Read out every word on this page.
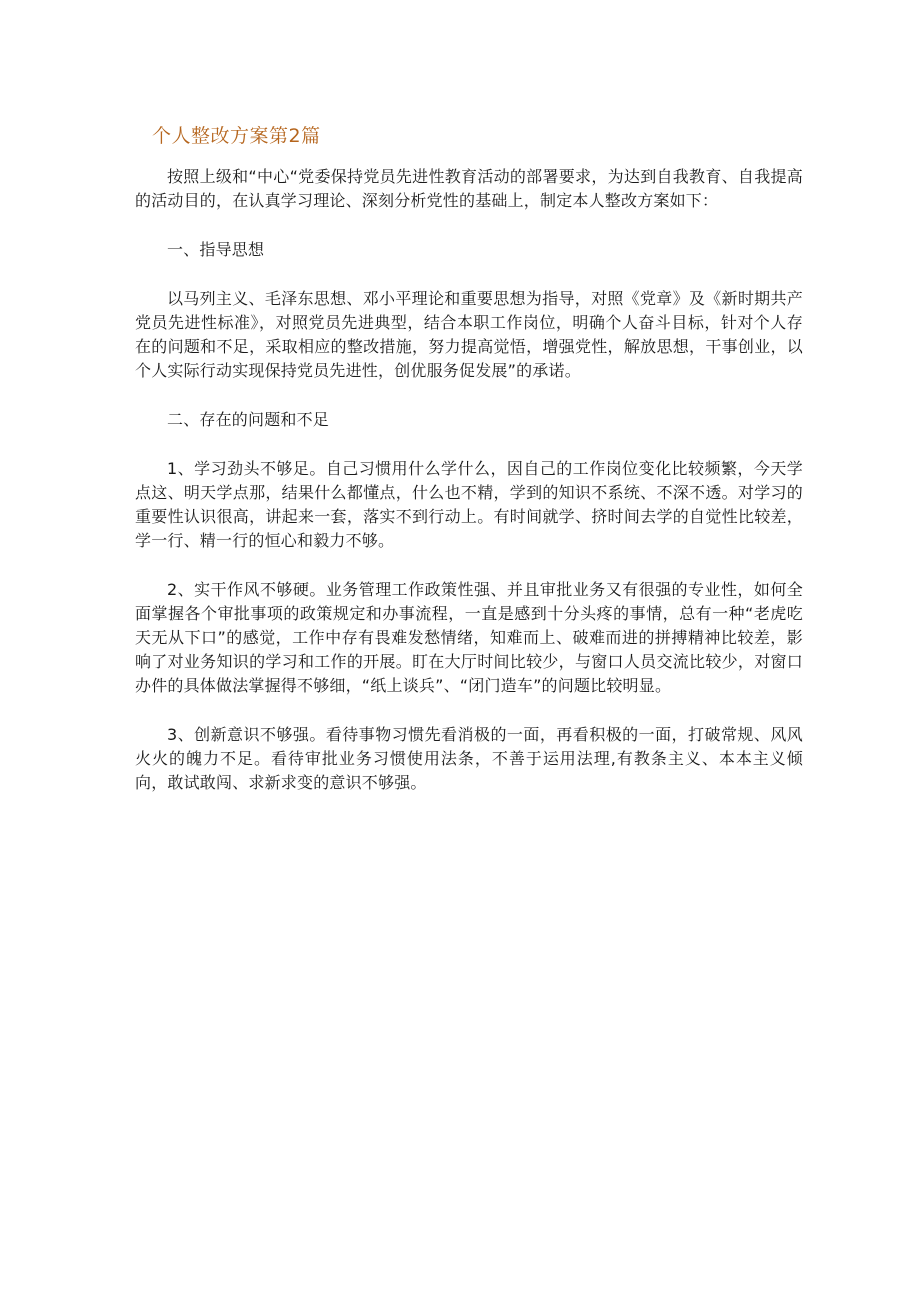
个人整改方案第2篇

按照上级和“中心“党委保持党员先进性教育活动的部署要求，为达到自我教育、自我提高的活动目的，在认真学习理论、深刻分析党性的基础上，制定本人整改方案如下：

一、指导思想

以马列主义、毛泽东思想、邓小平理论和重要思想为指导，对照《党章》及《新时期共产党员先进性标准》，对照党员先进典型，结合本职工作岗位，明确个人奋斗目标，针对个人存在的问题和不足，采取相应的整改措施，努力提高觉悟，增强党性，解放思想，干事创业，以个人实际行动实现保持党员先进性，创优服务促发展”的承诺。

二、存在的问题和不足

1、学习劲头不够足。自己习惯用什么学什么，因自己的工作岗位变化比较频繁，今天学点这、明天学点那，结果什么都懂点，什么也不精，学到的知识不系统、不深不透。对学习的重要性认识很高，讲起来一套，落实不到行动上。有时间就学、挤时间去学的自觉性比较差，学一行、精一行的恒心和毅力不够。

2、实干作风不够硬。业务管理工作政策性强、并且审批业务又有很强的专业性，如何全面掌握各个审批事项的政策规定和办事流程，一直是感到十分头疼的事情，总有一种“老虎吃天无从下口”的感觉，工作中存有畏难发愁情绪，知难而上、破难而进的拼搏精神比较差，影响了对业务知识的学习和工作的开展。盯在大厅时间比较少，与窗口人员交流比较少，对窗口办件的具体做法掌握得不够细，“纸上谈兵”、“闭门造车”的问题比较明显。

3、创新意识不够强。看待事物习惯先看消极的一面，再看积极的一面，打破常规、风风火火的魄力不足。看待审批业务习惯使用法条，不善于运用法理,有教条主义、本本主义倾向，敢试敢闯、求新求变的意识不够强。
